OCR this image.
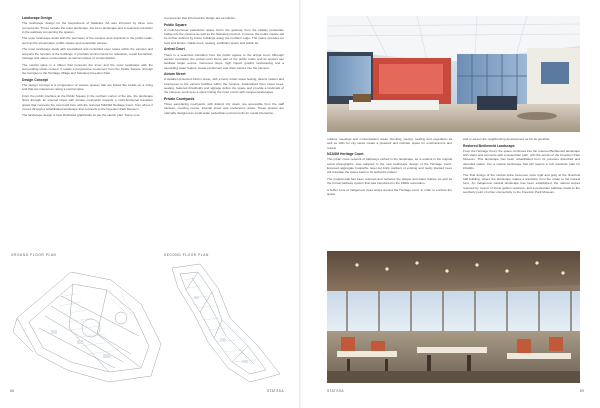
Landscape Design

The landscape design for the Department of Statistics SA was informed by three core components. These include the outer landscape, the inner landscape and a seamless transition in the walkway connecting the spaces.

The outer landscape deals with the perimeter of the campus and responds to the public realm, such as the streetscape, public square and pedestrian access.

The inner landscape deals with specialised and controlled open space within the campus and supports the function of the buildings. It provides environments for relaxation, social interaction, heritage and nature conservation as well as places of contemplation.

The central spine is a ribbon that connects the inner and the outer landscape with the surrounding urban context. It retells a progressive movement from the Public Square, through the Campus to the Heritage Village and Salvokop Freedom Park.

Design Concept

The design concept is a progression of various spaces that are linked like beads on a string and that are interwoven along a central spine.

From the public interface at the Public Square in the northern corner of the site, the landscape flows through an internal street with private courtyards towards a multi-functional transition space that connects the new build form with the restored NZASM Heritage Court, from where it moves through a rehabilitated landscape that connects to the Freedom Park Museum.

The landscape design is best illustrated graphically as per the sketch plan. Some core

components that informed the design are as follows:

Public Square

A multi-functional pedestrian space forms the gateway from the railway pedestrian bridge into the campus as well as the Salvokop precinct. In future, the public square will be further defined by future buildings along the northern edge. The space provides for food and kiosks, shade trees, seating, exhibition space and public art.

Arrival Court

There is a seamless transition from the public square to the arrival court. Although access controlled, the arrival court forms part of the public realm and its spaces can facilitate larger events. Generous steps, high impact graphic landscaping and a cascading water feature create excitement and draw visitors into the campus.

Atrium Street

A weather-protected Atrium street, with a lively urban street feeling, directs visitors and employees to the various facilities within the campus. Avalmalised ficus street trees, seating, featured thresholds and signage define the space and provide a landmark of the campus, serving as a spine linking the inner courts with campus landscapes.

Private Courtyards

Three east-facing courtyards, with distinct city views, are accessible from the staff canteen, meeting rooms, internal street and conference areas. These spaces are optimally designed as small-scale pedestrian environments for social interaction,

GROUND FLOOR PLAN	SECOND FLOOR PLAN
68	STATSSA

outdoor meetings and contemplation areas. Decking, paving, seating and vegetation as well as stilts for city views create a pleasant and intimate space for entertainment and retreat.

NZASM Heritage Court

The urban cross network of pathways etched in the landscape, as is evident in the original aerial photographs, was adopted in the new landscape design of the Heritage Court. Exposed aggregate footpaths, laser-cut brick markers of existing and newly planted trees will reinstate the space back to its authentic pattern.

The original wall has been restored and replaces the plaque and water feature as well as the formal pathway system that was introduced in the 1980s restoration.

A buffer zone of indigenous trees wraps around the Heritage court, in order to enclose the space

and to screen the neighbouring development as far as possible.

Restored Berlkeneld Landscape

From the Heritage Court, the space continues into the restored Berlkeneld landscape with stairs and connects with a pedestrian path, with the terrain of the Freedom Park Museum. This landscape has been rehabilitated from its previous disturbed and denuded status, into a natural landscape that will require a soft wetlands path for inhabits.

The fluid design of the central spine becomes more rigid and gully at the historical hall building, where the landscape makes a transition from the urban to the natural form. An indigenous natural landscape has been established, the natural slopes restored by means of stone gabion retainers, and a pedestrian pathway leads to the southerly point of urban connectivity to the Freedom Park Museum.

STATSSA	69
